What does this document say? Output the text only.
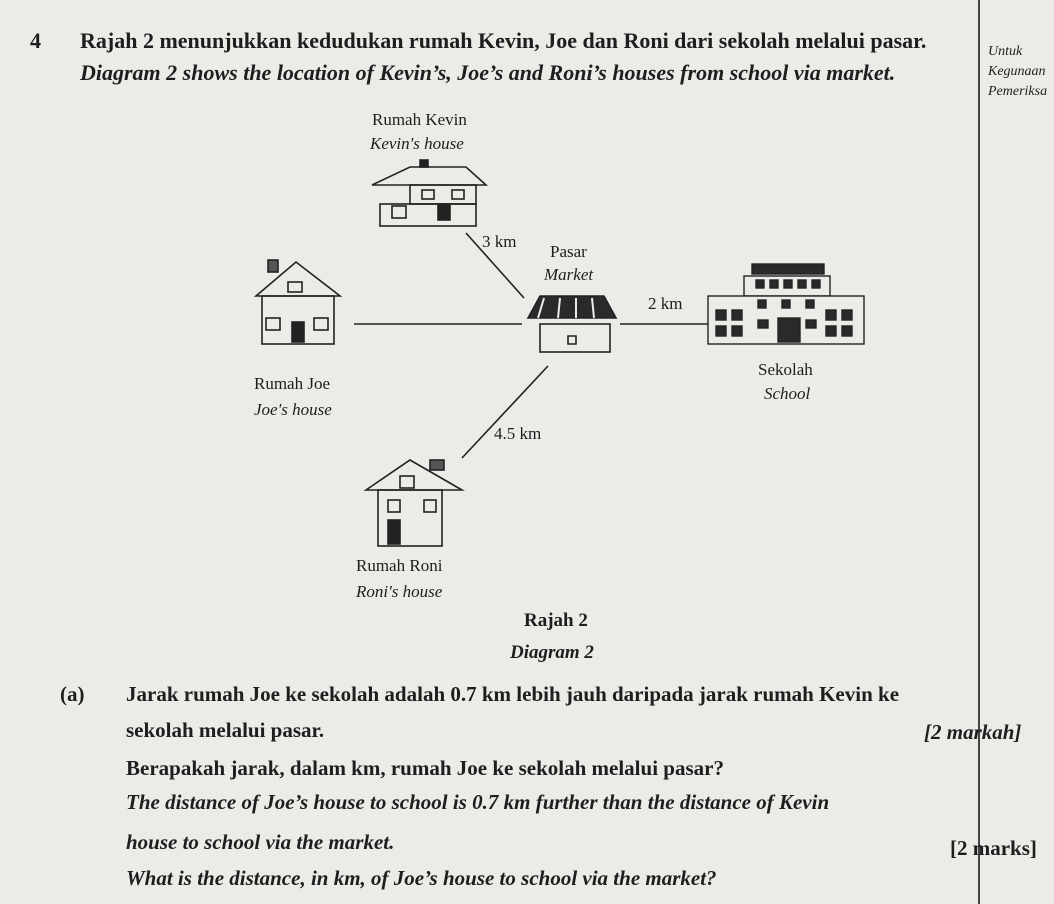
Untuk
Kegunaan
Pemeriksa
4 Rajah 2 menunjukkan kedudukan rumah Kevin, Joe dan Roni dari sekolah melalui pasar.
Diagram 2 shows the location of Kevin’s, Joe’s and Roni’s houses from school via market.
Rumah Kevin
Kevin's house
3 km
Pasar
Market
2 km
Sekolah
School
Rumah Joe
Joe's house
4.5 km
Rumah Roni
Roni's house
Rajah 2
Diagram 2
(a) Jarak rumah Joe ke sekolah adalah 0.7 km lebih jauh daripada jarak rumah Kevin ke
sekolah melalui pasar.
Berapakah jarak, dalam km, rumah Joe ke sekolah melalui pasar?
[2 markah]
The distance of Joe’s house to school is 0.7 km further than the distance of Kevin
house to school via the market.
What is the distance, in km, of Joe’s house to school via the market?
[2 marks]
